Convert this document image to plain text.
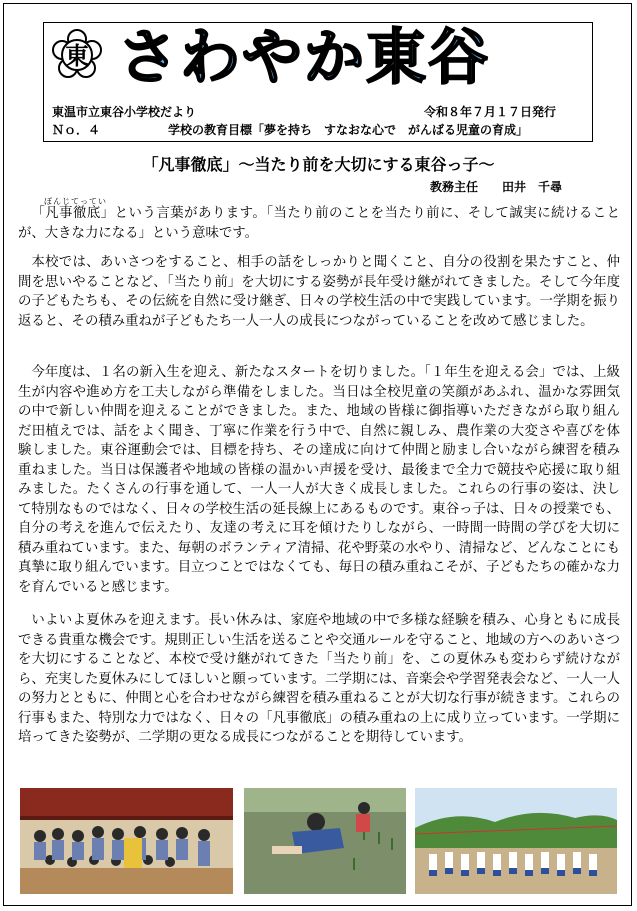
東 さわやか東谷
東温市立東谷小学校だより	令和８年７月１７日発行
Ｎｏ．４	学校の教育目標「夢を持ち　すなおな心で　がんばる児童の育成」
「凡事徹底」～当たり前を大切にする東谷っ子～
教務主任　　田井　千尋
ぼんじてってい
「凡事徹底」という言葉があります。「当たり前のことを当たり前に、そして誠実に続けることが、大きな力になる」という意味です。
本校では、あいさつをすること、相手の話をしっかりと聞くこと、自分の役割を果たすこと、仲間を思いやることなど、「当たり前」を大切にする姿勢が長年受け継がれてきました。そして今年度の子どもたちも、その伝統を自然に受け継ぎ、日々の学校生活の中で実践しています。一学期を振り返ると、その積み重ねが子どもたち一人一人の成長につながっていることを改めて感じました。
今年度は、１名の新入生を迎え、新たなスタートを切りました。「１年生を迎える会」では、上級生が内容や進め方を工夫しながら準備をしました。当日は全校児童の笑顔があふれ、温かな雰囲気の中で新しい仲間を迎えることができました。また、地域の皆様に御指導いただきながら取り組んだ田植えでは、話をよく聞き、丁寧に作業を行う中で、自然に親しみ、農作業の大変さや喜びを体験しました。東谷運動会では、目標を持ち、その達成に向けて仲間と励まし合いながら練習を積み重ねました。当日は保護者や地域の皆様の温かい声援を受け、最後まで全力で競技や応援に取り組みました。たくさんの行事を通して、一人一人が大きく成長しました。これらの行事の姿は、決して特別なものではなく、日々の学校生活の延長線上にあるものです。東谷っ子は、日々の授業でも、自分の考えを進んで伝えたり、友達の考えに耳を傾けたりしながら、一時間一時間の学びを大切に積み重ねています。また、毎朝のボランティア清掃、花や野菜の水やり、清掃など、どんなことにも真摯に取り組んでいます。目立つことではなくても、毎日の積み重ねこそが、子どもたちの確かな力を育んでいると感じます。
いよいよ夏休みを迎えます。長い休みは、家庭や地域の中で多様な経験を積み、心身ともに成長できる貴重な機会です。規則正しい生活を送ることや交通ルールを守ること、地域の方へのあいさつを大切にすることなど、本校で受け継がれてきた「当たり前」を、この夏休みも変わらず続けながら、充実した夏休みにしてほしいと願っています。二学期には、音楽会や学習発表会など、一人一人の努力とともに、仲間と心を合わせながら練習を積み重ねることが大切な行事が続きます。これらの行事もまた、特別な力ではなく、日々の「凡事徹底」の積み重ねの上に成り立っています。一学期に培ってきた姿勢が、二学期の更なる成長につながることを期待しています。
